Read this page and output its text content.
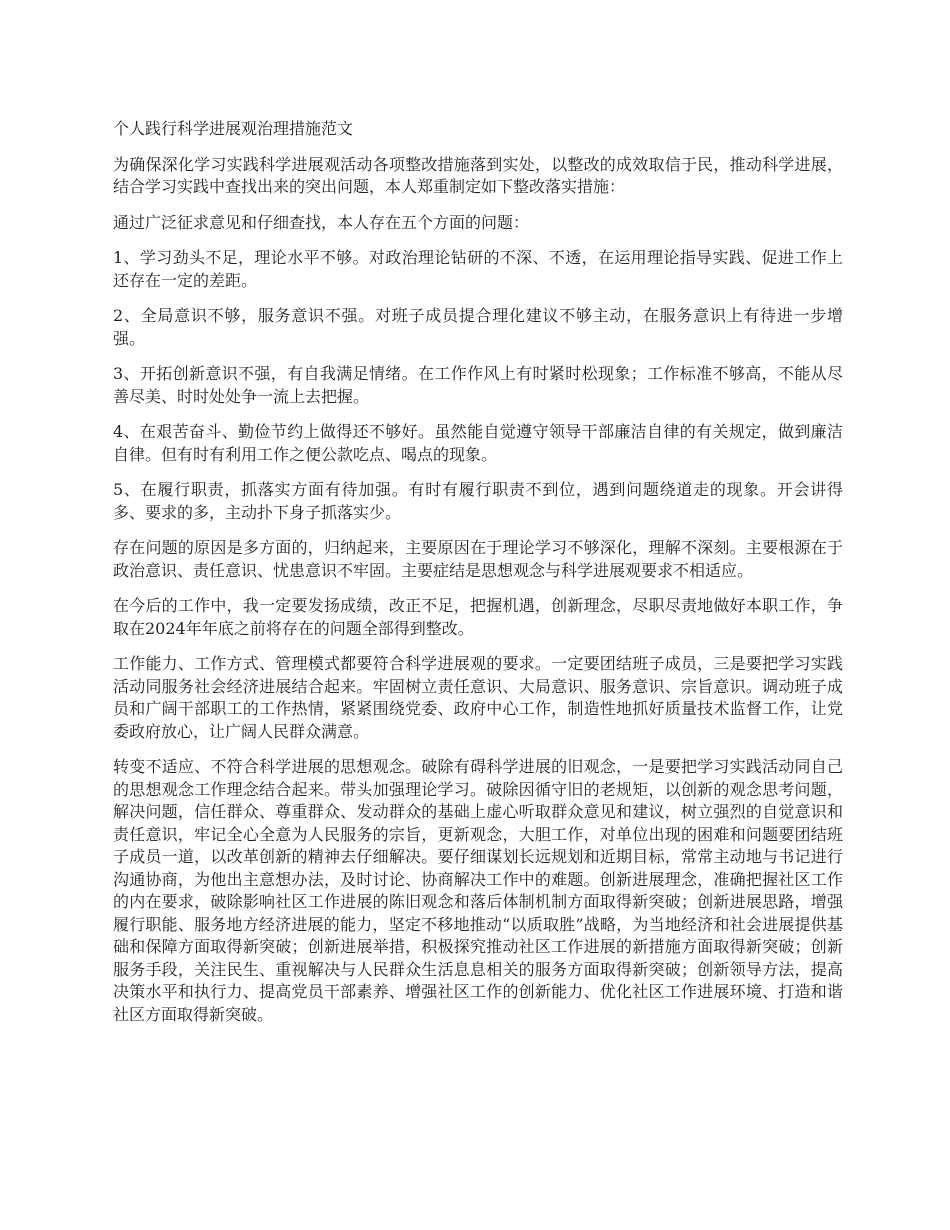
个人践行科学进展观治理措施范文

为确保深化学习实践科学进展观活动各项整改措施落到实处，以整改的成效取信于民，推动科学进展，结合学习实践中查找出来的突出问题，本人郑重制定如下整改落实措施：

通过广泛征求意见和仔细查找，本人存在五个方面的问题：

1、学习劲头不足，理论水平不够。对政治理论钻研的不深、不透，在运用理论指导实践、促进工作上还存在一定的差距。

2、全局意识不够，服务意识不强。对班子成员提合理化建议不够主动，在服务意识上有待进一步增强。

3、开拓创新意识不强，有自我满足情绪。在工作作风上有时紧时松现象；工作标准不够高，不能从尽善尽美、时时处处争一流上去把握。

4、在艰苦奋斗、勤俭节约上做得还不够好。虽然能自觉遵守领导干部廉洁自律的有关规定，做到廉洁自律。但有时有利用工作之便公款吃点、喝点的现象。

5、在履行职责，抓落实方面有待加强。有时有履行职责不到位，遇到问题绕道走的现象。开会讲得多、要求的多，主动扑下身子抓落实少。

存在问题的原因是多方面的，归纳起来，主要原因在于理论学习不够深化，理解不深刻。主要根源在于政治意识、责任意识、忧患意识不牢固。主要症结是思想观念与科学进展观要求不相适应。

在今后的工作中，我一定要发扬成绩，改正不足，把握机遇，创新理念，尽职尽责地做好本职工作，争取在2024年年底之前将存在的问题全部得到整改。

工作能力、工作方式、管理模式都要符合科学进展观的要求。一定要团结班子成员，三是要把学习实践活动同服务社会经济进展结合起来。牢固树立责任意识、大局意识、服务意识、宗旨意识。调动班子成员和广阔干部职工的工作热情，紧紧围绕党委、政府中心工作，制造性地抓好质量技术监督工作，让党委政府放心，让广阔人民群众满意。

转变不适应、不符合科学进展的思想观念。破除有碍科学进展的旧观念，一是要把学习实践活动同自己的思想观念工作理念结合起来。带头加强理论学习。破除因循守旧的老规矩，以创新的观念思考问题，解决问题，信任群众、尊重群众、发动群众的基础上虚心听取群众意见和建议，树立强烈的自觉意识和责任意识，牢记全心全意为人民服务的宗旨，更新观念，大胆工作，对单位出现的困难和问题要团结班子成员一道，以改革创新的精神去仔细解决。要仔细谋划长远规划和近期目标，常常主动地与书记进行沟通协商，为他出主意想办法，及时讨论、协商解决工作中的难题。创新进展理念，准确把握社区工作的内在要求，破除影响社区工作进展的陈旧观念和落后体制机制方面取得新突破；创新进展思路，增强履行职能、服务地方经济进展的能力，坚定不移地推动“以质取胜”战略，为当地经济和社会进展提供基础和保障方面取得新突破；创新进展举措，积极探究推动社区工作进展的新措施方面取得新突破；创新服务手段，关注民生、重视解决与人民群众生活息息相关的服务方面取得新突破；创新领导方法，提高决策水平和执行力、提高党员干部素养、增强社区工作的创新能力、优化社区工作进展环境、打造和谐社区方面取得新突破。
